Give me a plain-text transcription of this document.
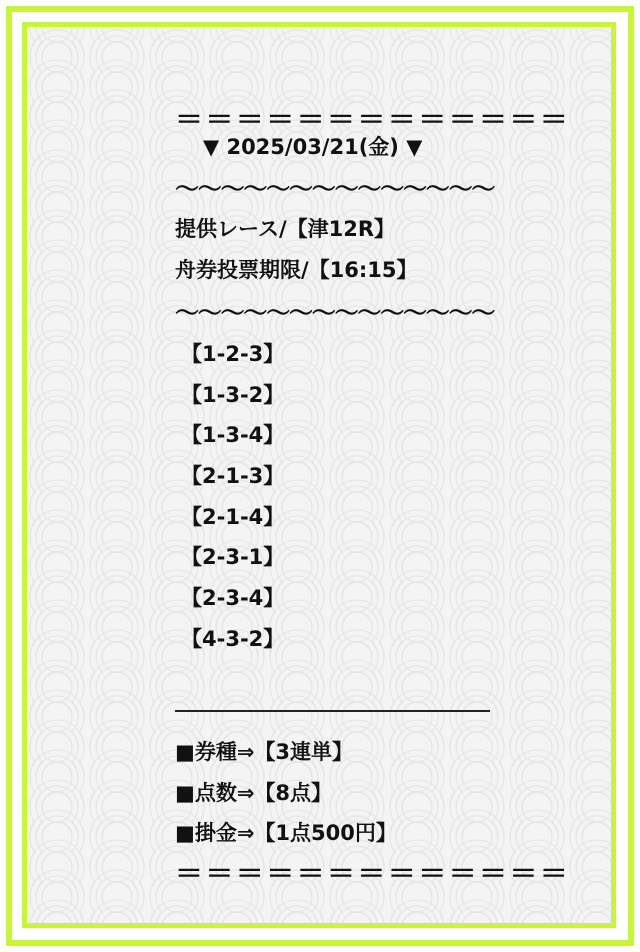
＝＝＝＝＝＝＝＝＝＝＝＝＝
▼ 2025/03/21(金) ▼
〜〜〜〜〜〜〜〜〜〜〜〜〜〜
提供レース/【津12R】
舟券投票期限/【16:15】
〜〜〜〜〜〜〜〜〜〜〜〜〜〜
【1-2-3】
【1-3-2】
【1-3-4】
【2-1-3】
【2-1-4】
【2-3-1】
【2-3-4】
【4-3-2】
■券種⇒【3連単】
■点数⇒【8点】
■掛金⇒【1点500円】
＝＝＝＝＝＝＝＝＝＝＝＝＝
